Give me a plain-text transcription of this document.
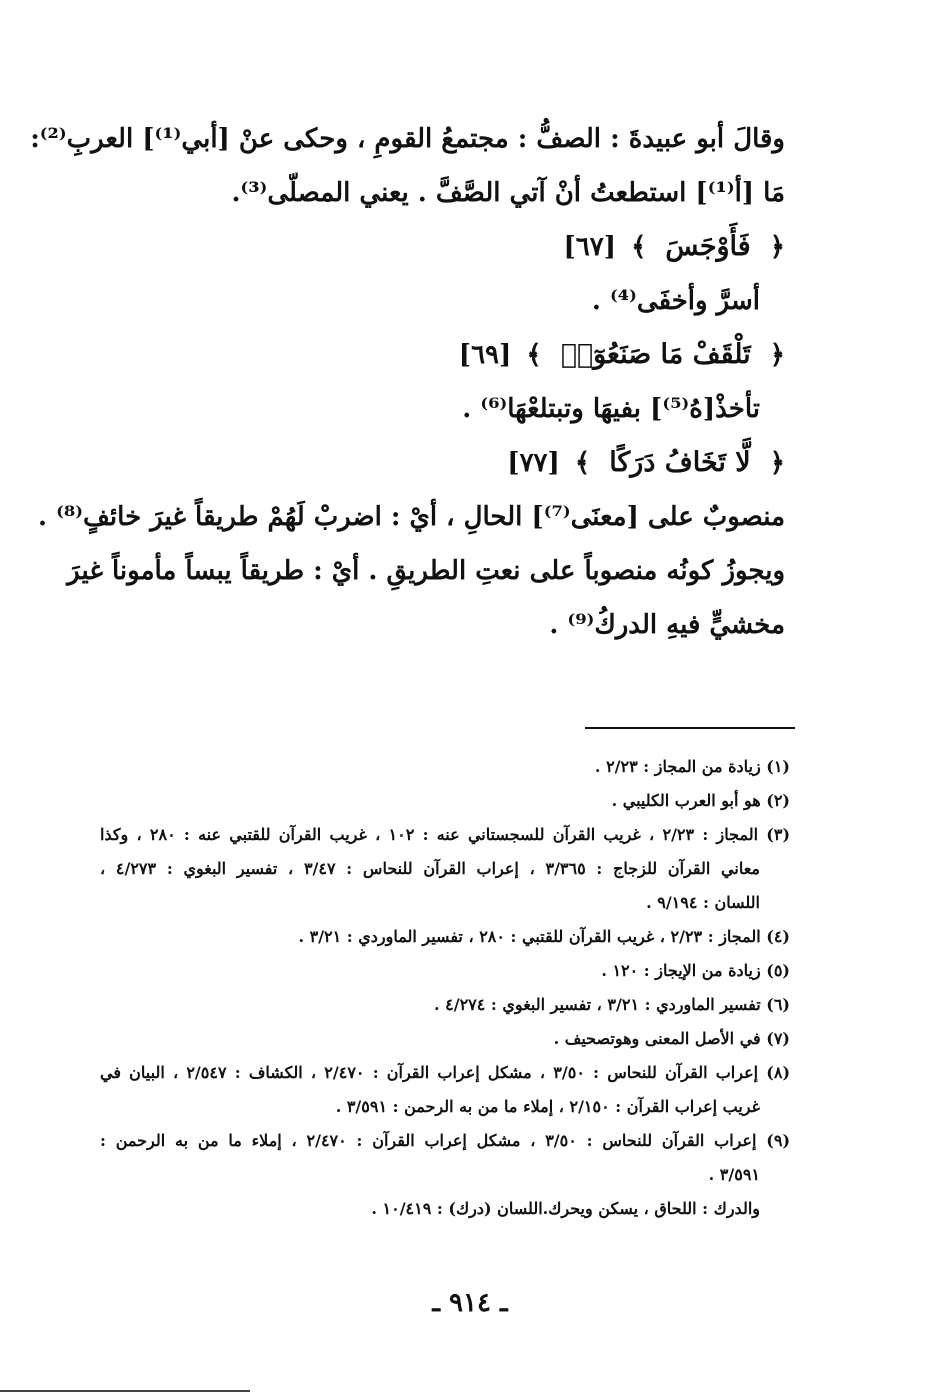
وقالَ أبو عبيدةَ : الصفُّ : مجتمعُ القومِ ، وحكى عنْ [أبي⁽¹⁾] العربِ⁽²⁾:
مَا [أ⁽¹⁾] استطعتُ أنْ آتي الصَّفَّ . يعني المصلّى⁽³⁾.
﴿ فَأَوْجَسَ ﴾ [٦٧]
أسرَّ وأخفَى⁽⁴⁾ .
﴿ تَلْقَفْ مَا صَنَعُوٓا۟ ﴾ [٦٩]
تأخذْ[هُ⁽⁵⁾] بفيهَا وتبتلعْهَا⁽⁶⁾ .
﴿ لَّا تَخَافُ دَرَكًا ﴾ [٧٧]
منصوبٌ على [معنَى⁽⁷⁾] الحالِ ، أيْ : اضربْ لَهُمْ طريقاً غيرَ خائفٍ⁽⁸⁾ .
ويجوزُ كونُه منصوباً على نعتِ الطريقِ . أيْ : طريقاً يبساً مأموناً غيرَ
مخشيٍّ فيهِ الدركُ⁽⁹⁾ .
(١) زيادة من المجاز : ٢/٢٣ .
(٢) هو أبو العرب الكليبي .
(٣) المجاز : ٢/٢٣ ، غريب القرآن للسجستاني عنه : ١٠٢ ، غريب القرآن للقتبي عنه : ٢٨٠ ، وكذا
معاني القرآن للزجاج : ٣/٣٦٥ ، إعراب القرآن للنحاس : ٣/٤٧ ، تفسير البغوي : ٤/٢٧٣ ،
اللسان : ٩/١٩٤ .
(٤) المجاز : ٢/٢٣ ، غريب القرآن للقتبي : ٢٨٠ ، تفسير الماوردي : ٣/٢١ .
(٥) زيادة من الإيجاز : ١٢٠ .
(٦) تفسير الماوردي : ٣/٢١ ، تفسير البغوي : ٤/٢٧٤ .
(٧) في الأصل المعنى وهوتصحيف .
(٨) إعراب القرآن للنحاس : ٣/٥٠ ، مشكل إعراب القرآن : ٢/٤٧٠ ، الكشاف : ٢/٥٤٧ ، البيان في
غريب إعراب القرآن : ٢/١٥٠ ، إملاء ما من به الرحمن : ٣/٥٩١ .
(٩) إعراب القرآن للنحاس : ٣/٥٠ ، مشكل إعراب القرآن : ٢/٤٧٠ ، إملاء ما من به الرحمن :
٣/٥٩١ .
والدرك : اللحاق ، يسكن ويحرك.اللسان (درك) : ١٠/٤١٩ .
ـ ٩١٤ ـ
